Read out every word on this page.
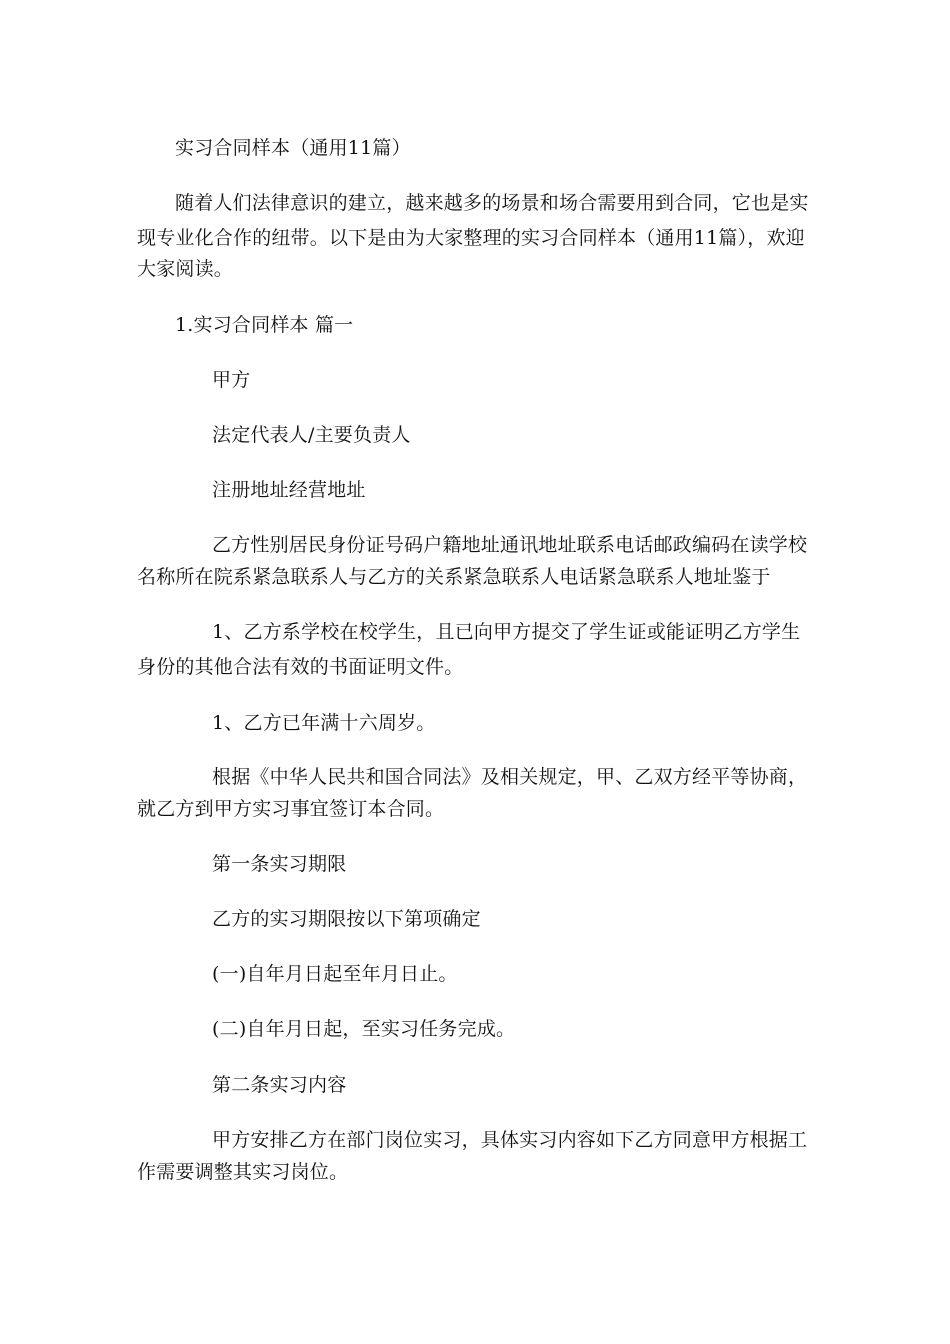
实习合同样本（通用11篇）
随着人们法律意识的建立，越来越多的场景和场合需要用到合同，它也是实
现专业化合作的纽带。以下是由为大家整理的实习合同样本（通用11篇），欢迎
大家阅读。
1.实习合同样本 篇一
甲方
法定代表人/主要负责人
注册地址经营地址
乙方性别居民身份证号码户籍地址通讯地址联系电话邮政编码在读学校
名称所在院系紧急联系人与乙方的关系紧急联系人电话紧急联系人地址鉴于
1、乙方系学校在校学生，且已向甲方提交了学生证或能证明乙方学生
身份的其他合法有效的书面证明文件。
1、乙方已年满十六周岁。
根据《中华人民共和国合同法》及相关规定，甲、乙双方经平等协商，
就乙方到甲方实习事宜签订本合同。
第一条实习期限
乙方的实习期限按以下第项确定
(一)自年月日起至年月日止。
(二)自年月日起，至实习任务完成。
第二条实习内容
甲方安排乙方在部门岗位实习，具体实习内容如下乙方同意甲方根据工
作需要调整其实习岗位。
